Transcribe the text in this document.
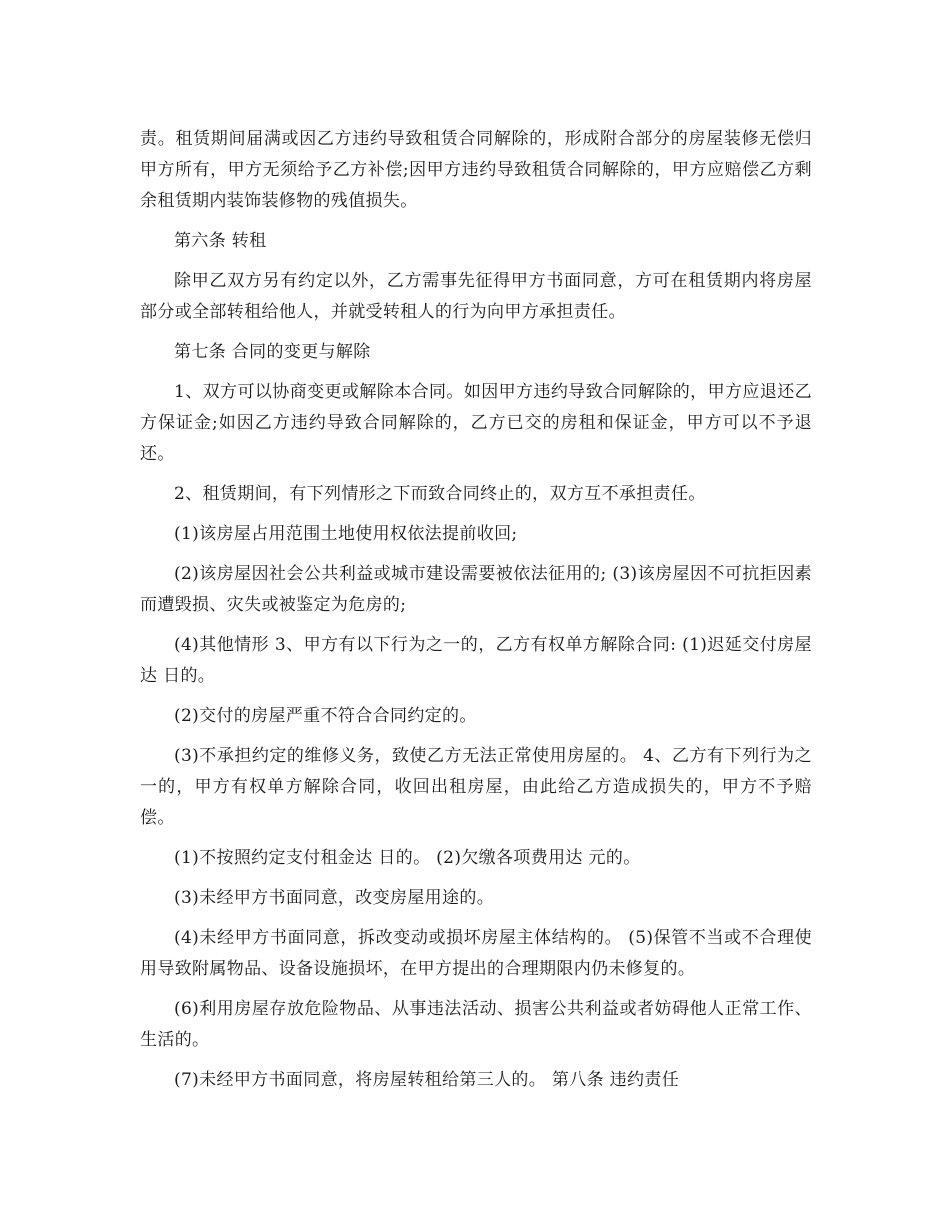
责。租赁期间届满或因乙方违约导致租赁合同解除的，形成附合部分的房屋装修无偿归甲方所有，甲方无须给予乙方补偿;因甲方违约导致租赁合同解除的，甲方应赔偿乙方剩余租赁期内装饰装修物的残值损失。

第六条 转租

除甲乙双方另有约定以外，乙方需事先征得甲方书面同意，方可在租赁期内将房屋部分或全部转租给他人，并就受转租人的行为向甲方承担责任。

第七条 合同的变更与解除

1、双方可以协商变更或解除本合同。如因甲方违约导致合同解除的，甲方应退还乙方保证金;如因乙方违约导致合同解除的，乙方已交的房租和保证金，甲方可以不予退还。

2、租赁期间，有下列情形之下而致合同终止的，双方互不承担责任。

(1)该房屋占用范围土地使用权依法提前收回;

(2)该房屋因社会公共利益或城市建设需要被依法征用的; (3)该房屋因不可抗拒因素而遭毁损、灾失或被鉴定为危房的;

(4)其他情形 3、甲方有以下行为之一的，乙方有权单方解除合同: (1)迟延交付房屋达 日的。

(2)交付的房屋严重不符合合同约定的。

(3)不承担约定的维修义务，致使乙方无法正常使用房屋的。 4、乙方有下列行为之一的，甲方有权单方解除合同，收回出租房屋，由此给乙方造成损失的，甲方不予赔偿。

(1)不按照约定支付租金达 日的。 (2)欠缴各项费用达 元的。

(3)未经甲方书面同意，改变房屋用途的。

(4)未经甲方书面同意，拆改变动或损坏房屋主体结构的。 (5)保管不当或不合理使用导致附属物品、设备设施损坏，在甲方提出的合理期限内仍未修复的。

(6)利用房屋存放危险物品、从事违法活动、损害公共利益或者妨碍他人正常工作、生活的。

(7)未经甲方书面同意，将房屋转租给第三人的。 第八条 违约责任
